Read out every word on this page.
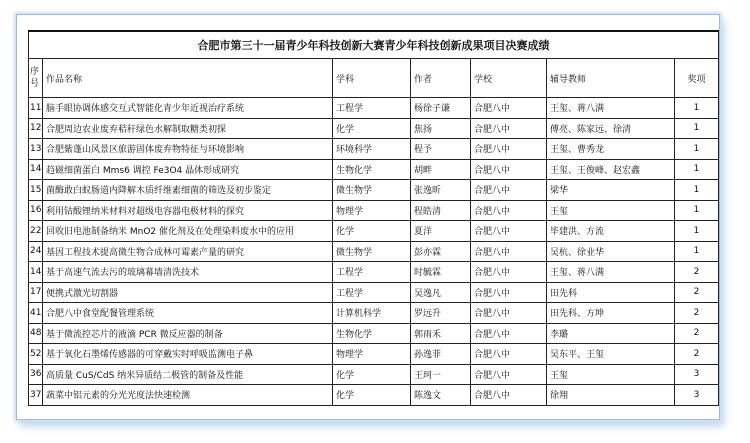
合肥市第三十一届青少年科技创新大赛青少年科技创新成果项目决赛成绩						
序号	作品名称	学科	作者	学校	辅导教师	奖项
11	脑手眼协调体感交互式智能化青少年近视治疗系统	工程学	杨徐子谦	合肥八中	王玺、蒋八满	1
12	合肥周边农业废弃秸秆绿色水解制取糖类初探	化学	焦扬	合肥八中	傅亮、陈家远、徐清	1
13	合肥紫蓬山风景区旅游固体废弃物特征与环境影响	环境科学	程予	合肥八中	王玺、曹秀龙	1
14	趋磁细菌蛋白 Mms6 调控 Fe3O4 晶体形成研究	生物化学	胡畔	合肥八中	王玺、王俊峰、赵宏鑫	1
15	菌酶敢白蚁肠道内降解木质纤维素细菌的筛选及初步鉴定	微生物学	张逸昕	合肥八中	梁华	1
16	利用钴酸锂纳米材料对超级电容器电极材料的探究	物理学	程皓清	合肥八中	王玺	1
22	回收旧电池制备纳米 MnO2 催化剂及在处理染料废水中的应用	化学	夏洋	合肥八中	毕建洪、方流	1
24	基因工程技术提高微生物合成林可霉素产量的研究	微生物学	彭亦霖	合肥八中	吴杭、徐业华	1
14	基于高速气流去污的玻璃幕墙清洗技术	工程学	时毓霖	合肥八中	王玺、蒋八满	2
17	便携式激光切割器	工程学	吴逸凡	合肥八中	田先科	2
41	合肥八中食堂配餐管理系统	计算机科学	罗远升	合肥八中	田先科、方坤	2
48	基于微流控芯片的液滴 PCR 微反应器的制备	生物化学	郭雨禾	合肥八中	李璐	2
52	基于氧化石墨烯传感器的可穿戴实时呼吸监测电子鼻	物理学	孙逸菲	合肥八中	吴东平、王玺	2
36	高质量 CuS/CdS 纳米异质结二极管的制备及性能	化学	王珂一	合肥八中	王玺	3
37	蔬菜中铝元素的分光光度法快速检测	化学	陈逸文	合肥八中	徐翔	3
